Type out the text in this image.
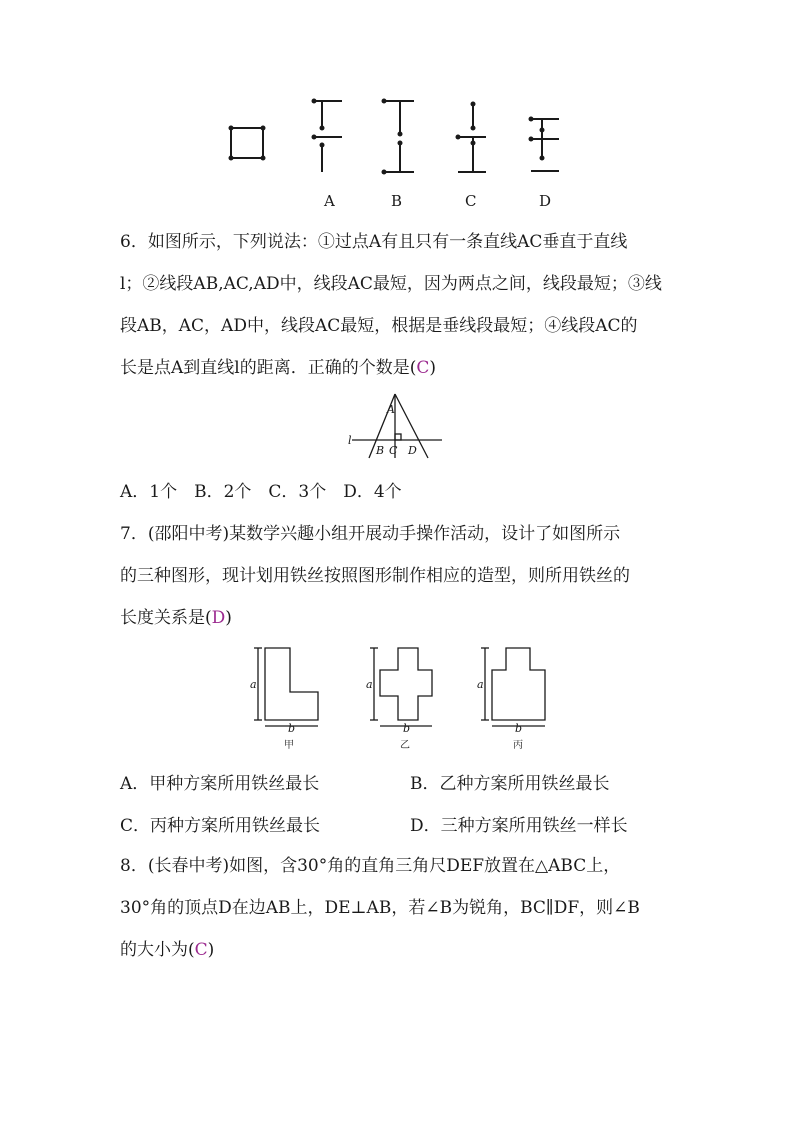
A	B	C	D
6．如图所示，下列说法：①过点A有且只有一条直线AC垂直于直线
l；②线段AB,AC,AD中，线段AC最短，因为两点之间，线段最短；③线
段AB，AC，AD中，线段AC最短，根据是垂线段最短；④线段AC的
长是点A到直线l的距离．正确的个数是(C)
A
l
B C D
A．1个　B．2个　C．3个　D．4个
7．(邵阳中考)某数学兴趣小组开展动手操作活动，设计了如图所示
的三种图形，现计划用铁丝按照图形制作相应的造型，则所用铁丝的
长度关系是(D)
a
b
a
b
a
b
甲	乙	丙
A．甲种方案所用铁丝最长	B．乙种方案所用铁丝最长
C．丙种方案所用铁丝最长	D．三种方案所用铁丝一样长
8．(长春中考)如图，含30°角的直角三角尺DEF放置在△ABC上，
30°角的顶点D在边AB上，DE⊥AB，若∠B为锐角，BC∥DF，则∠B
的大小为(C)
